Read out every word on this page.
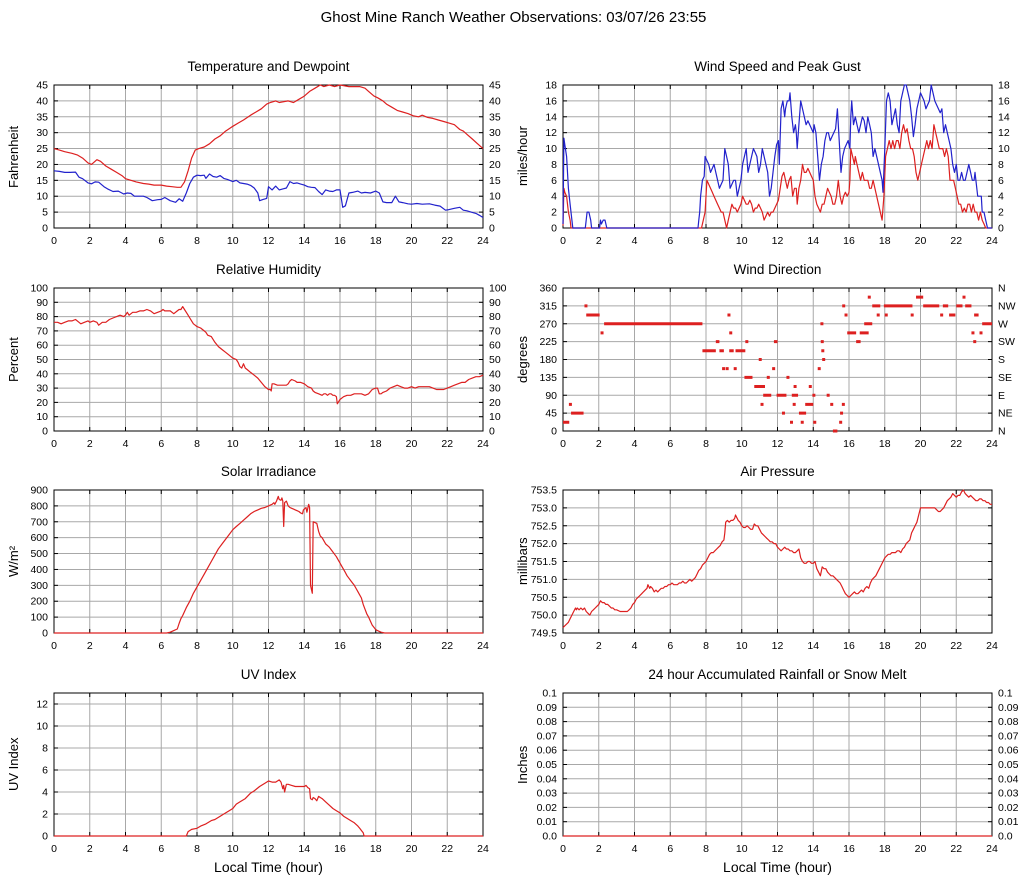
Ghost Mine Ranch Weather Observations: 03/07/26 23:55
Temperature and Dewpoint
Fahrenheit
0	2	4	6	8	10 12 14 16 18 20 22 24
0	0
5	5
10	10
15	15
20	20
25	25
30	30
35	35
40	40
45	45
Wind Speed and Peak Gust
miles/hour
0	2	4	6	8	10 12 14 16 18 20 22 24
0	0
2	2
4	4
6	6
8	8
10	10
12	12
14	14
16	16
18	18
Relative Humidity
Percent
0	2	4	6	8	10 12 14 16 18 20 22 24
0	0
10	10
20	20
30	30
40	40
50	50
60	60
70	70
80	80
90	90
100	100
Wind Direction
degrees
0	2	4	6	8	10 12 14 16 18 20 22 24
0	N
45	NE
90	E
135	SE
180	S
225	SW
270	W
315	NW
360	N
Solar Irradiance
W/m²
0	2	4	6	8	10 12 14 16 18 20 22 24
0
100
200
300
400
500
600
700
800
900
Air Pressure
millibars
0	2	4	6	8	10 12 14 16 18 20 22 24
749.5
750.0
750.5
751.0
751.5
752.0
752.5
753.0
753.5
UV Index
UV Index
0	2	4	6	8	10 12 14 16 18 20 22 24
0
2
4
6
8
10
12
Local Time (hour)
24 hour Accumulated Rainfall or Snow Melt
Inches
0	2	4	6	8	10 12 14 16 18 20 22 24
0.0	0.0
0.01	0.01
0.02	0.02
0.03	0.03
0.04	0.04
0.05	0.05
0.06	0.06
0.07	0.07
0.08	0.08
0.09	0.09
0.1	0.1
Local Time (hour)
